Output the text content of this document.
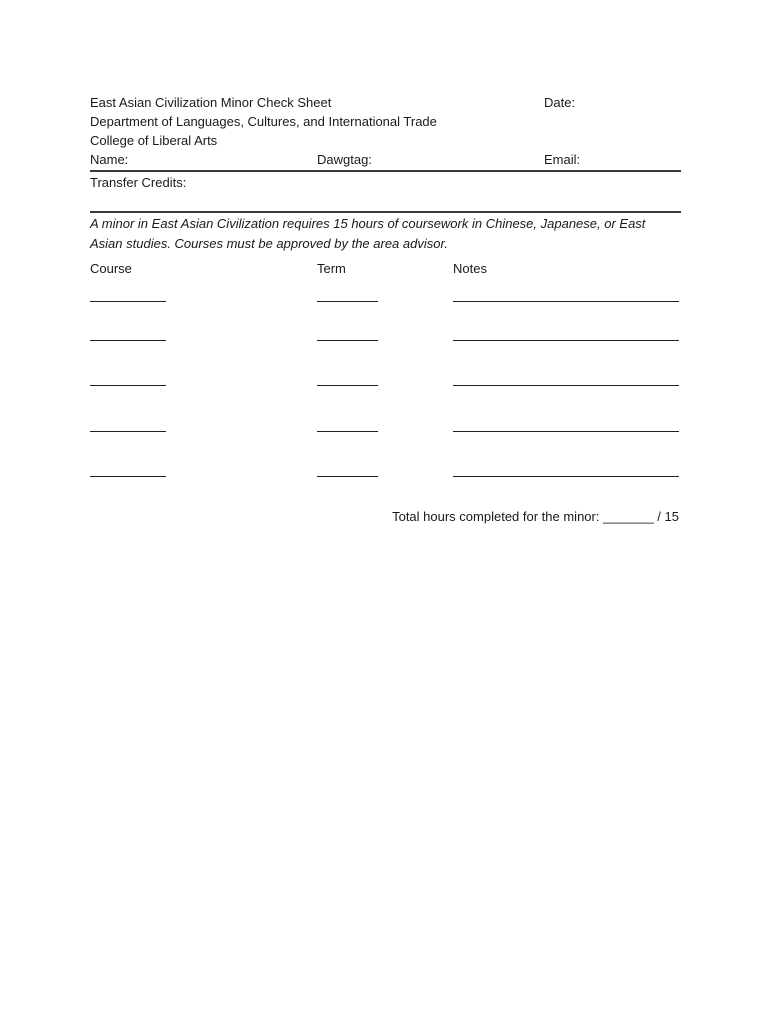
East Asian Civilization Minor Check Sheet	Date:
Department of Languages, Cultures, and International Trade
College of Liberal Arts
Name:	Dawgtag:	Email:
Transfer Credits:
A minor in East Asian Civilization requires 15 hours of coursework in Chinese, Japanese, or East
Asian studies. Courses must be approved by the area advisor.
Course	Term	Notes
Total hours completed for the minor: _______ / 15
